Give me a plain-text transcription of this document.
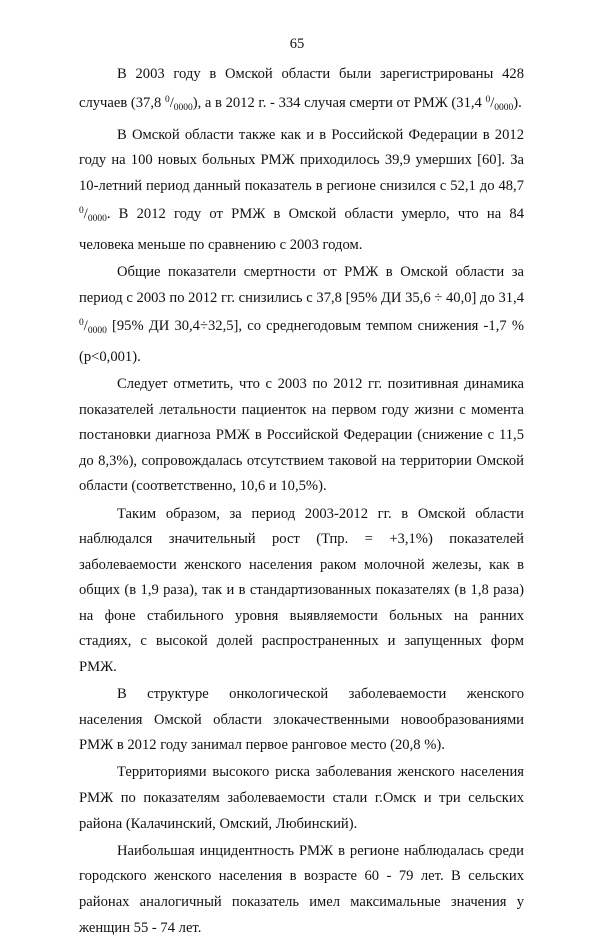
65

В 2003 году в Омской области были зарегистрированы 428 случаев (37,8 $^0/_{0000}$), а в 2012 г. - 334 случая смерти от РМЖ (31,4 $^0/_{0000}$).

В Омской области также как и в Российской Федерации в 2012 году на 100 новых больных РМЖ приходилось 39,9 умерших [60]. За 10-летний период данный показатель в регионе снизился с 52,1 до 48,7 $^0/_{0000}$. В 2012 году от РМЖ в Омской области умерло, что на 84 человека меньше по сравнению с 2003 годом.

Общие показатели смертности от РМЖ в Омской области за период с 2003 по 2012 гг. снизились с 37,8 [95% ДИ 35,6 ÷ 40,0] до 31,4 $^0/_{0000}$ [95% ДИ 30,4÷32,5], со среднегодовым темпом снижения -1,7 % (p<0,001).

Следует отметить, что с 2003 по 2012 гг. позитивная динамика показателей летальности пациенток на первом году жизни с момента постановки диагноза РМЖ в Российской Федерации (снижение с 11,5 до 8,3%), сопровождалась отсутствием таковой на территории Омской области (соответственно, 10,6 и 10,5%).

Таким образом, за период 2003-2012 гг. в Омской области наблюдался значительный рост (Тпр. = +3,1%) показателей заболеваемости женского населения раком молочной железы, как в общих (в 1,9 раза), так и в стандартизованных показателях (в 1,8 раза) на фоне стабильного уровня выявляемости больных на ранних стадиях, с высокой долей распространенных и запущенных форм РМЖ.

В структуре онкологической заболеваемости женского населения Омской области злокачественными новообразованиями РМЖ в 2012 году занимал первое ранговое место (20,8 %).

Территориями высокого риска заболевания женского населения РМЖ по показателям заболеваемости стали г.Омск и три сельских района (Калачинский, Омский, Любинский).

Наибольшая инцидентность РМЖ в регионе наблюдалась среди городского женского населения в возрасте 60 - 79 лет. В сельских районах аналогичный показатель имел максимальные значения у женщин 55 - 74 лет.
